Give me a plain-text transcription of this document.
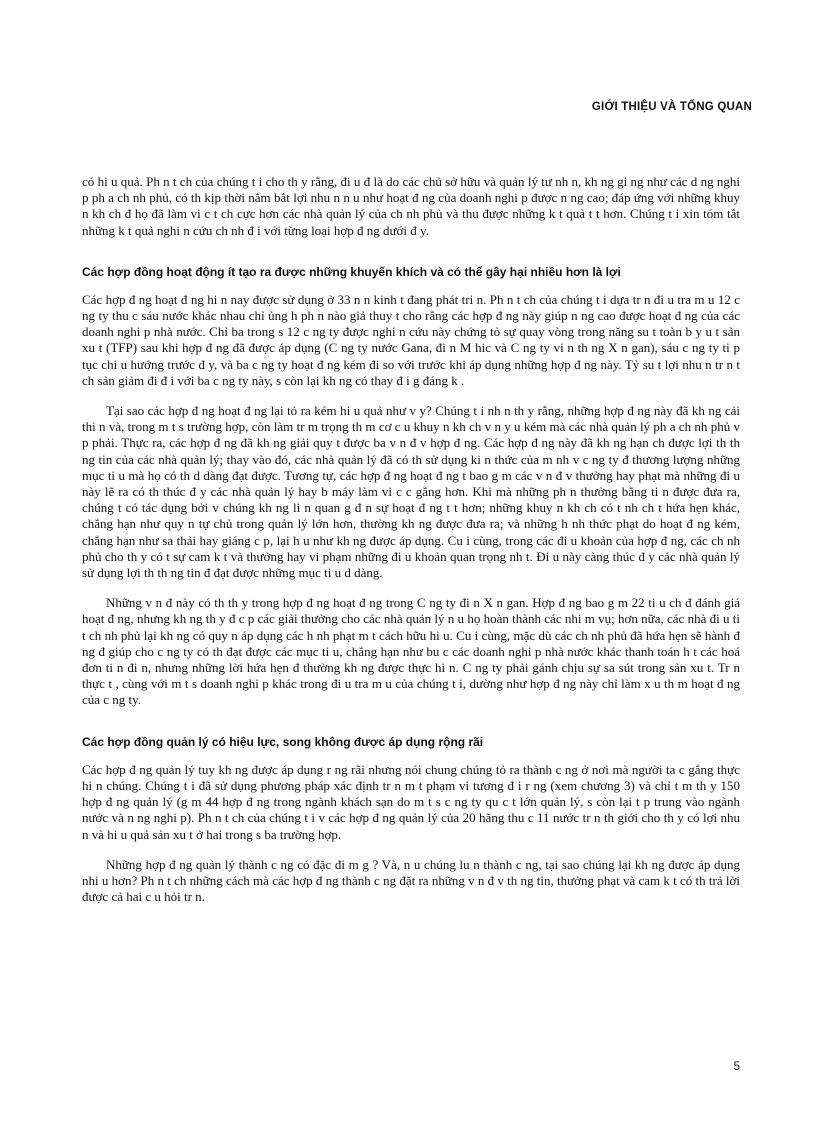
GIỚI THIỆU VÀ TỔNG QUAN

có hi u quả. Ph n t ch của chúng t i cho th y rằng, đi u đ là do các chủ sở hữu và quản lý tư nh n, kh ng gi ng như các d ng nghi p ph a ch nh phủ, có th kịp thời nắm bắt lợi nhu n n u như hoạt đ ng của doanh nghi p được n ng cao; đáp ứng với những khuy n kh ch đ họ đã làm vi c t ch cực hơn các nhà quản lý của ch nh phủ và thu được những k t quả t t hơn. Chúng t i xin tóm tắt những k t quả nghi n cứu ch nh đ i với từng loại hợp đ ng dưới đ y.

Các hợp đồng hoạt động ít tạo ra được những khuyến khích và có thể gây hại nhiều hơn là lợi

Các hợp đ ng hoạt đ ng hi n nay được sử dụng ở 33 n n kinh t đang phát tri n. Ph n t ch của chúng t i dựa tr n đi u tra m u 12 c ng ty thu c sáu nước khác nhau chỉ ủng h ph n nào giả thuy t cho rằng các hợp đ ng này giúp n ng cao được hoạt đ ng của các doanh nghi p nhà nước. Chỉ ba trong s 12 c ng ty được nghi n cứu này chứng tỏ sự quay vòng trong năng su t toàn b y u t sản xu t (TFP) sau khi hợp đ ng đã được áp dụng (C ng ty nước Gana, đi n M hic và C ng ty vi n th ng X n gan), sáu c ng ty ti p tục chi u hướng trước đ y, và ba c ng ty hoạt đ ng kém đi so với trước khi áp dụng những hợp đ ng này. Tỷ su t lợi nhu n tr n t ch sản giảm đi đ i với ba c ng ty này, s còn lại kh ng có thay đ i g đáng k .

Tại sao các hợp đ ng hoạt đ ng lại tỏ ra kém hi u quả như v y? Chúng t i nh n th y rằng, những hợp đ ng này đã kh ng cải thi n và, trong m t s trường hợp, còn làm tr m trọng th m cơ c u khuy n kh ch v n y u kém mà các nhà quản lý ph a ch nh phủ v p phải. Thực ra, các hợp đ ng đã kh ng giải quy t được ba v n đ v hợp đ ng. Các hợp đ ng này đã kh ng hạn ch được lợi th th ng tin của các nhà quản lý; thay vào đó, các nhà quản lý đã có th sử dụng ki n thức của m nh v c ng ty đ thương lượng những mục ti u mà họ có th d dàng đạt được. Tương tự, các hợp đ ng hoạt đ ng t bao g m các v n đ v thưởng hay phạt mà những đi u này lẽ ra có th thúc đ y các nhà quản lý hay b máy làm vi c c gắng hơn. Khi mà những ph n thưởng bằng ti n được đưa ra, chúng t có tác dụng bởi v chúng kh ng li n quan g đ n sự hoạt đ ng t t hơn; những khuy n kh ch có t nh ch t hứa hẹn khác, chẳng hạn như quy n tự chủ trong quản lý lớn hơn, thường kh ng được đưa ra; và những h nh thức phạt do hoạt đ ng kém, chẳng hạn như sa thải hay giáng c p, lại h u như kh ng được áp dụng. Cu i cùng, trong các đi u khoản của hợp đ ng, các ch nh phủ cho th y có t sự cam k t và thưởng hay vi phạm những đi u khoản quan trọng nh t. Đi u này càng thúc đ y các nhà quản lý sử dụng lợi th th ng tin đ đạt được những mục ti u d dàng.

Những v n đ này có th th y trong hợp đ ng hoạt đ ng trong C ng ty đi n X n gan. Hợp đ ng bao g m 22 ti u ch đ đánh giá hoạt đ ng, nhưng kh ng th y đ c p các giải thưởng cho các nhà quản lý n u họ hoàn thành các nhi m vụ; hơn nữa, các nhà đi u ti t ch nh phủ lại kh ng có quy n áp dụng các h nh phạt m t cách hữu hi u. Cu i cùng, mặc dù các ch nh phủ đã hứa hẹn sẽ hành đ ng đ giúp cho c ng ty có th đạt được các mục ti u, chẳng hạn như bu c các doanh nghi p nhà nước khác thanh toán h t các hoá đơn ti n đi n, nhưng những lời hứa hẹn đ thường kh ng được thực hi n. C ng ty phải gánh chịu sự sa sút trong sản xu t. Tr n thực t , cùng với m t s doanh nghi p khác trong đi u tra m u của chúng t i, dường như hợp đ ng này chỉ làm x u th m hoạt đ ng của c ng ty.

Các hợp đồng quản lý có hiệu lực, song không được áp dụng rộng rãi

Các hợp đ ng quản lý tuy kh ng được áp dụng r ng rãi nhưng nói chung chúng tỏ ra thành c ng ở nơi mà người ta c gắng thực hi n chúng. Chúng t i đã sử dụng phương pháp xác định tr n m t phạm vi tương đ i r ng (xem chương 3) và chỉ t m th y 150 hợp đ ng quản lý (g m 44 hợp đ ng trong ngành khách sạn do m t s c ng ty qu c t lớn quản lý, s còn lại t p trung vào ngành nước và n ng nghi p). Ph n t ch của chúng t i v các hợp đ ng quản lý của 20 hãng thu c 11 nước tr n th giới cho th y có lợi nhu n và hi u quả sản xu t ở hai trong s ba trường hợp.

Những hợp đ ng quản lý thành c ng có đặc đi m g ? Và, n u chúng lu n thành c ng, tại sao chúng lại kh ng được áp dụng nhi u hơn? Ph n t ch những cách mà các hợp đ ng thành c ng đặt ra những v n đ v th ng tin, thưởng phạt và cam k t có th trả lời được cả hai c u hỏi tr n.

5
